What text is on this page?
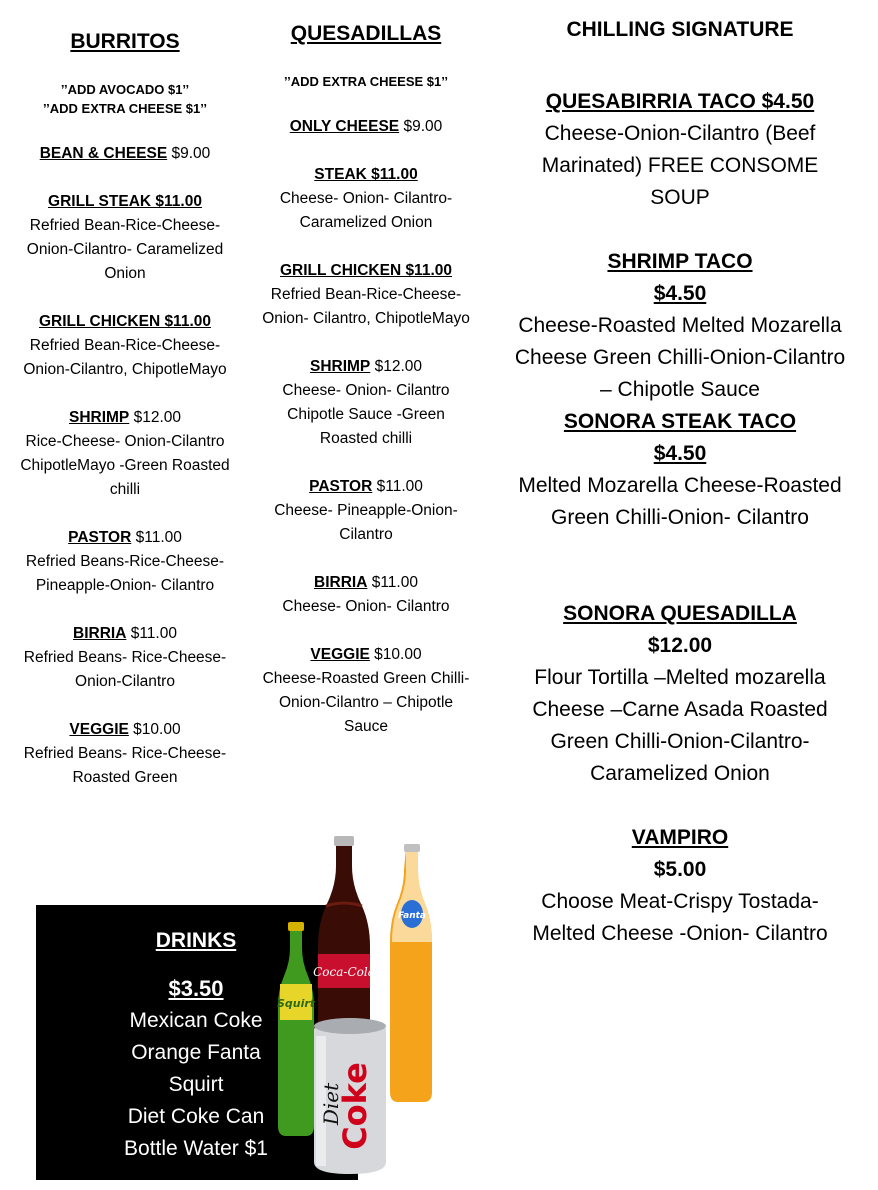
BURRITOS
’’ADD AVOCADO $1’’
’’ADD EXTRA CHEESE $1’’
BEAN & CHEESE $9.00
GRILL STEAK $11.00
Refried Bean-Rice-Cheese- Onion-Cilantro- Caramelized Onion
GRILL CHICKEN $11.00
Refried Bean-Rice-Cheese- Onion-Cilantro, ChipotleMayo
SHRIMP $12.00
Rice-Cheese- Onion-Cilantro ChipotleMayo -Green Roasted chilli
PASTOR $11.00
Refried Beans-Rice-Cheese- Pineapple-Onion- Cilantro
BIRRIA $11.00
Refried Beans- Rice-Cheese- Onion-Cilantro
VEGGIE $10.00
Refried Beans- Rice-Cheese-Roasted Green
QUESADILLAS
’’ADD EXTRA CHEESE $1’’
ONLY CHEESE $9.00
STEAK $11.00
Cheese- Onion- Cilantro-Caramelized Onion
GRILL CHICKEN $11.00
Refried Bean-Rice-Cheese- Onion- Cilantro, ChipotleMayo
SHRIMP $12.00
Cheese- Onion- Cilantro Chipotle Sauce -Green Roasted chilli
PASTOR $11.00
Cheese- Pineapple-Onion- Cilantro
BIRRIA $11.00
Cheese- Onion- Cilantro
VEGGIE $10.00
Cheese-Roasted Green Chilli-Onion-Cilantro – Chipotle Sauce
CHILLING SIGNATURE
QUESABIRRIA TACO $4.50
Cheese-Onion-Cilantro (Beef Marinated) FREE CONSOME SOUP
SHRIMP TACO
$4.50
Cheese-Roasted Melted Mozarella Cheese Green Chilli-Onion-Cilantro – Chipotle Sauce
SONORA STEAK TACO
$4.50
Melted Mozarella Cheese-Roasted Green Chilli-Onion- Cilantro
SONORA QUESADILLA
$12.00
Flour Tortilla –Melted mozarella Cheese –Carne Asada Roasted Green Chilli-Onion-Cilantro-Caramelized Onion
VAMPIRO
$5.00
Choose Meat-Crispy Tostada-Melted Cheese -Onion- Cilantro
DRINKS
$3.50
Mexican Coke
Orange Fanta
Squirt
Diet Coke Can
Bottle Water $1
Coca-Cola
Fanta
Squirt
Diet
Coke
